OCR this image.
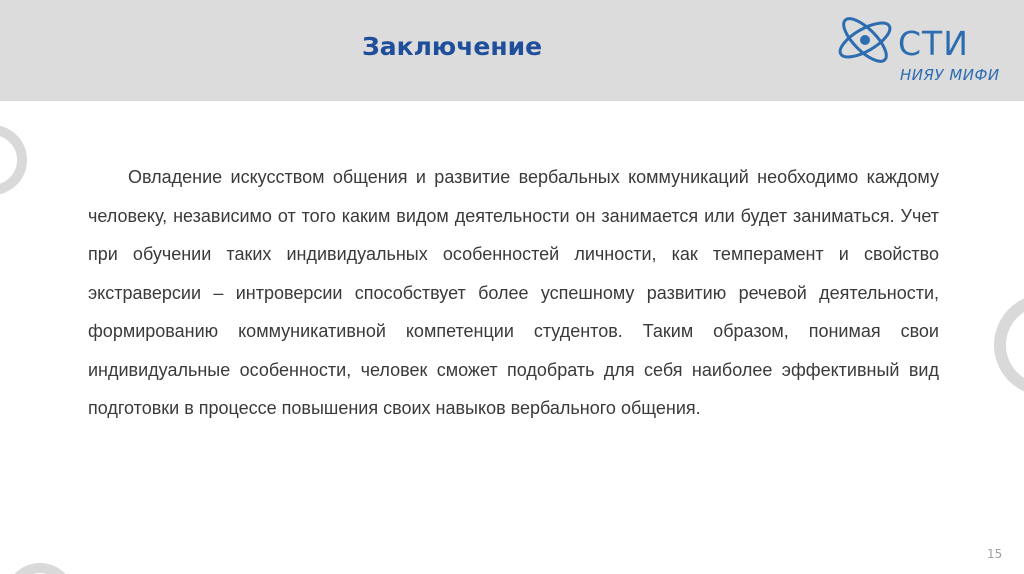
Заключение	СТИ
НИЯУ МИФИ

Овладение искусством общения и развитие вербальных коммуникаций необходимо каждому человеку, независимо от того каким видом деятельности он занимается или будет заниматься. Учет при обучении таких индивидуальных особенностей личности, как темперамент и свойство экстраверсии – интроверсии способствует более успешному развитию речевой деятельности, формированию коммуникативной компетенции студентов. Таким образом, понимая свои индивидуальные особенности, человек сможет подобрать для себя наиболее эффективный вид подготовки в процессе повышения своих навыков вербального общения.

15
